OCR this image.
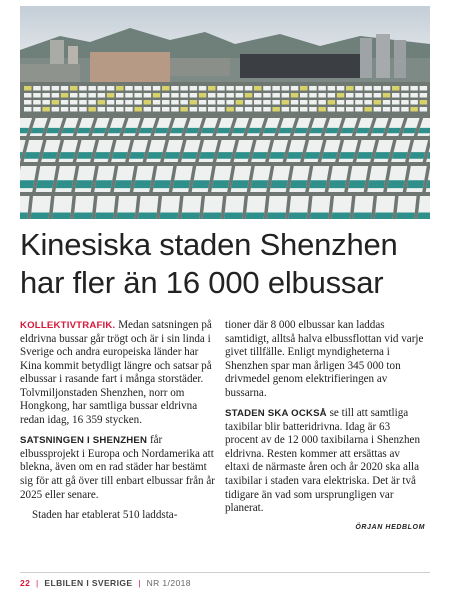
Kinesiska staden Shenzhen har fler än 16 000 elbussar

KOLLEKTIVTRAFIK. Medan satsningen på eldrivna bussar går trögt och är i sin linda i Sverige och andra europeiska länder har Kina kommit betydligt längre och satsar på elbussar i rasande fart i många storstäder. Tolvmiljonstaden Shenzhen, norr om Hongkong, har samtliga bussar eldrivna redan idag, 16 359 stycken.

SATSNINGEN I SHENZHEN får elbussprojekt i Europa och Nordamerika att blekna, även om en rad städer har bestämt sig för att gå över till enbart elbussar från år 2025 eller senare.

Staden har etablerat 510 laddsta-

tioner där 8 000 elbussar kan laddas samtidigt, alltså halva elbussflottan vid varje givet tillfälle. Enligt myndigheterna i Shenzhen spar man årligen 345 000 ton drivmedel genom elektrifieringen av bussarna.

STADEN SKA OCKSÅ se till att samtliga taxibilar blir batteridrivna. Idag är 63 procent av de 12 000 taxibilarna i Shenzhen eldrivna. Resten kommer att ersättas av eltaxi de närmaste åren och år 2020 ska alla taxibilar i staden vara elektriska. Det är två tidigare än vad som ursprungligen var planerat.

ÖRJAN HEDBLOM
22 | ELBILEN I SVERIGE | NR 1/2018
